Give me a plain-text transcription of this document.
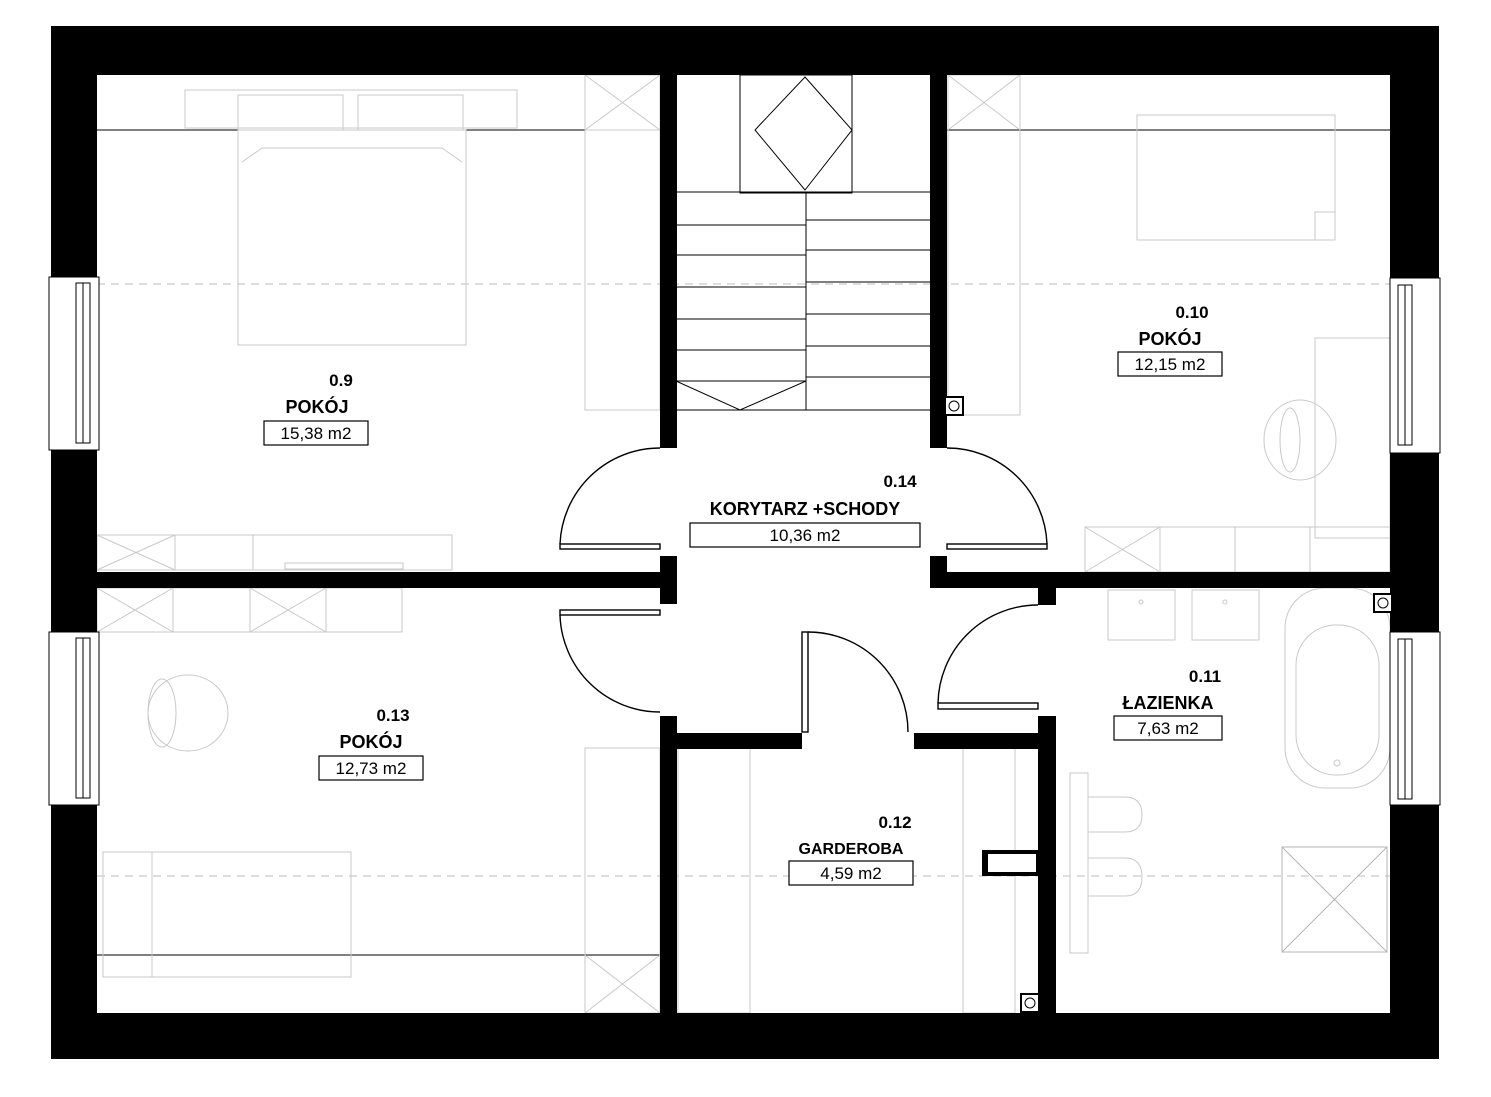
0.9
POKÓJ
15,38 m2
0.10
POKÓJ
12,15 m2
0.11
ŁAZIENKA
7,63 m2
0.12
GARDEROBA
4,59 m2
0.13
POKÓJ
12,73 m2
0.14
KORYTARZ +SCHODY
10,36 m2
